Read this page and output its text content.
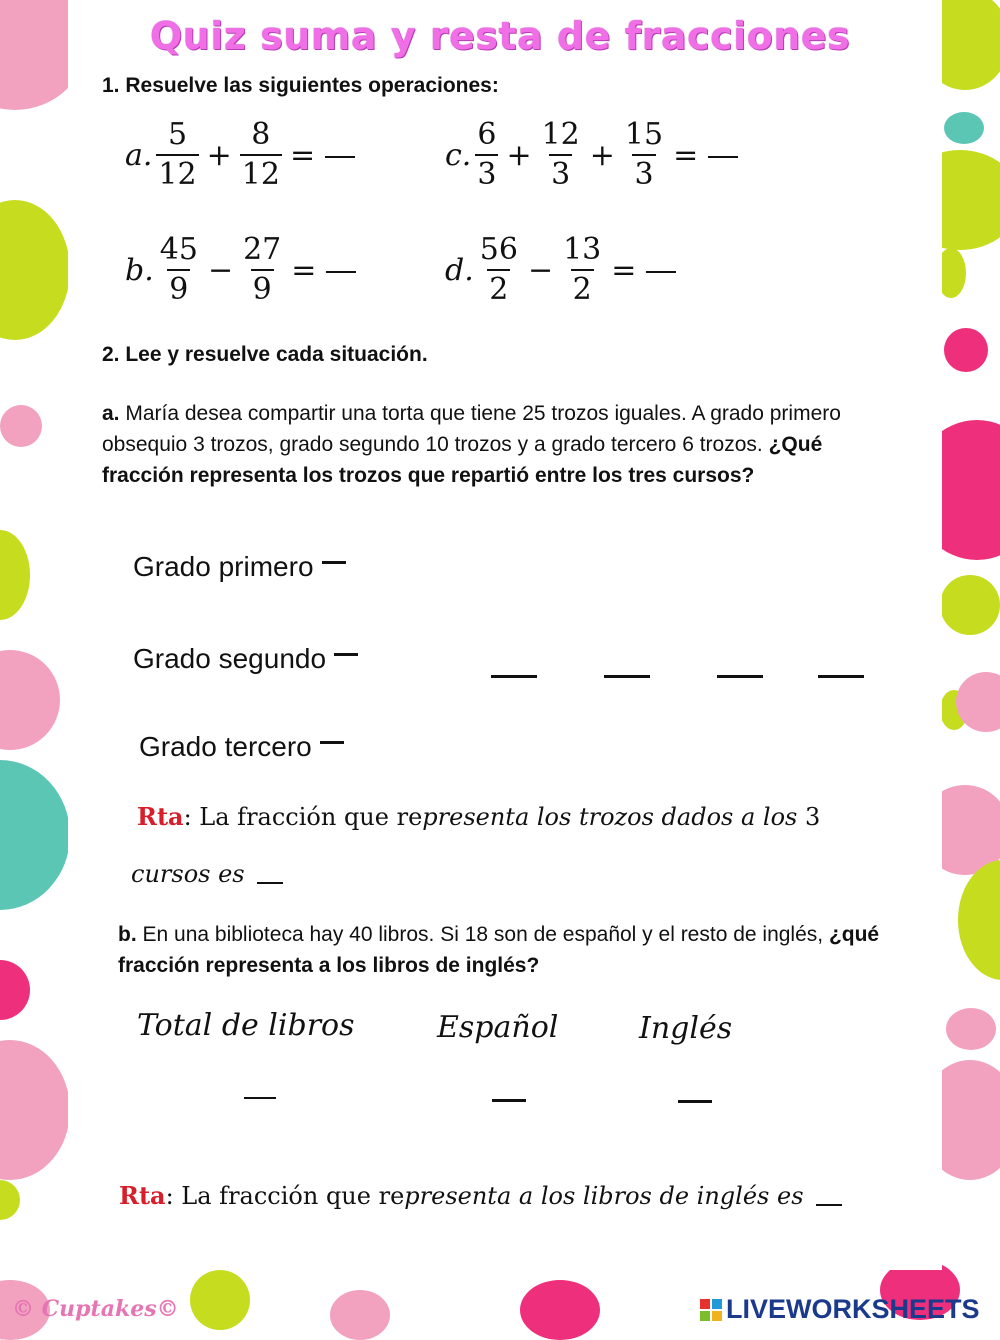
Quiz suma y resta de fracciones
1. Resuelve las siguientes operaciones:
a. $\frac{5}{12} + \frac{8}{12}$ =	c. $\frac{6}{3} + \frac{12}{3} + \frac{15}{3}$ =
b. $\frac{45}{9} - \frac{27}{9}$ =	d. $\frac{56}{2} - \frac{13}{2}$ =
2. Lee y resuelve cada situación.
a. María desea compartir una torta que tiene 25 trozos iguales. A grado primero obsequio 3 trozos, grado segundo 10 trozos y a grado tercero 6 trozos. ¿Qué fracción representa los trozos que repartió entre los tres cursos?
Grado primero
Grado segundo
Grado tercero
Rta: La fracción que representa los trozos dados a los 3
cursos es
b. En una biblioteca hay 40 libros. Si 18 son de español y el resto de inglés, ¿qué fracción representa a los libros de inglés?
Total de libros	Español	Inglés
Rta: La fracción que representa a los libros de inglés es
© Cuptakes©	LIVEWORKSHEETS
